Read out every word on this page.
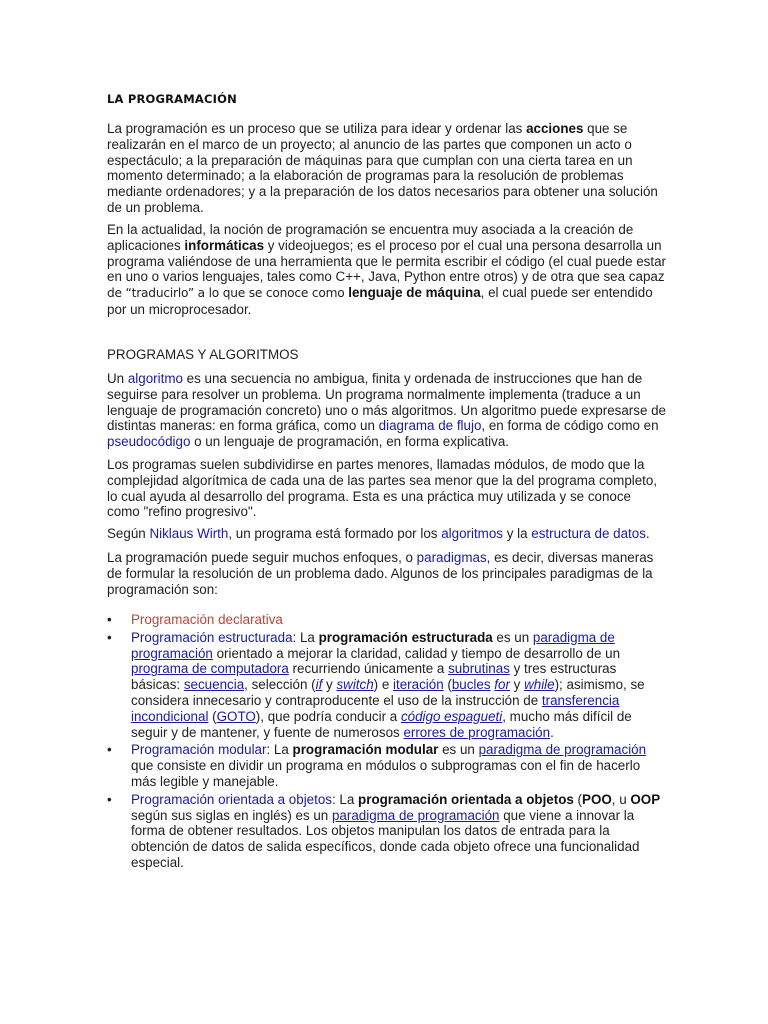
LA PROGRAMACIÓN

La programación es un proceso que se utiliza para idear y ordenar las acciones que se realizarán en el marco de un proyecto; al anuncio de las partes que componen un acto o espectáculo; a la preparación de máquinas para que cumplan con una cierta tarea en un momento determinado; a la elaboración de programas para la resolución de problemas mediante ordenadores; y a la preparación de los datos necesarios para obtener una solución de un problema.

En la actualidad, la noción de programación se encuentra muy asociada a la creación de aplicaciones informáticas y videojuegos; es el proceso por el cual una persona desarrolla un programa valiéndose de una herramienta que le permita escribir el código (el cual puede estar en uno o varios lenguajes, tales como C++, Java, Python entre otros) y de otra que sea capaz de “traducirlo” a lo que se conoce como lenguaje de máquina, el cual puede ser entendido por un microprocesador.

PROGRAMAS Y ALGORITMOS

Un algoritmo es una secuencia no ambigua, finita y ordenada de instrucciones que han de seguirse para resolver un problema. Un programa normalmente implementa (traduce a un lenguaje de programación concreto) uno o más algoritmos. Un algoritmo puede expresarse de distintas maneras: en forma gráfica, como un diagrama de flujo, en forma de código como en pseudocódigo o un lenguaje de programación, en forma explicativa.

Los programas suelen subdividirse en partes menores, llamadas módulos, de modo que la complejidad algorítmica de cada una de las partes sea menor que la del programa completo, lo cual ayuda al desarrollo del programa. Esta es una práctica muy utilizada y se conoce como "refino progresivo".

Según Niklaus Wirth, un programa está formado por los algoritmos y la estructura de datos.

La programación puede seguir muchos enfoques, o paradigmas, es decir, diversas maneras de formular la resolución de un problema dado. Algunos de los principales paradigmas de la programación son:

• Programación declarativa
• Programación estructurada: La programación estructurada es un paradigma de programación orientado a mejorar la claridad, calidad y tiempo de desarrollo de un programa de computadora recurriendo únicamente a subrutinas y tres estructuras básicas: secuencia, selección (if y switch) e iteración (bucles for y while); asimismo, se considera innecesario y contraproducente el uso de la instrucción de transferencia incondicional (GOTO), que podría conducir a código espagueti, mucho más difícil de seguir y de mantener, y fuente de numerosos errores de programación.
• Programación modular: La programación modular es un paradigma de programación que consiste en dividir un programa en módulos o subprogramas con el fin de hacerlo más legible y manejable.
• Programación orientada a objetos: La programación orientada a objetos (POO, u OOP según sus siglas en inglés) es un paradigma de programación que viene a innovar la forma de obtener resultados. Los objetos manipulan los datos de entrada para la obtención de datos de salida específicos, donde cada objeto ofrece una funcionalidad especial.
